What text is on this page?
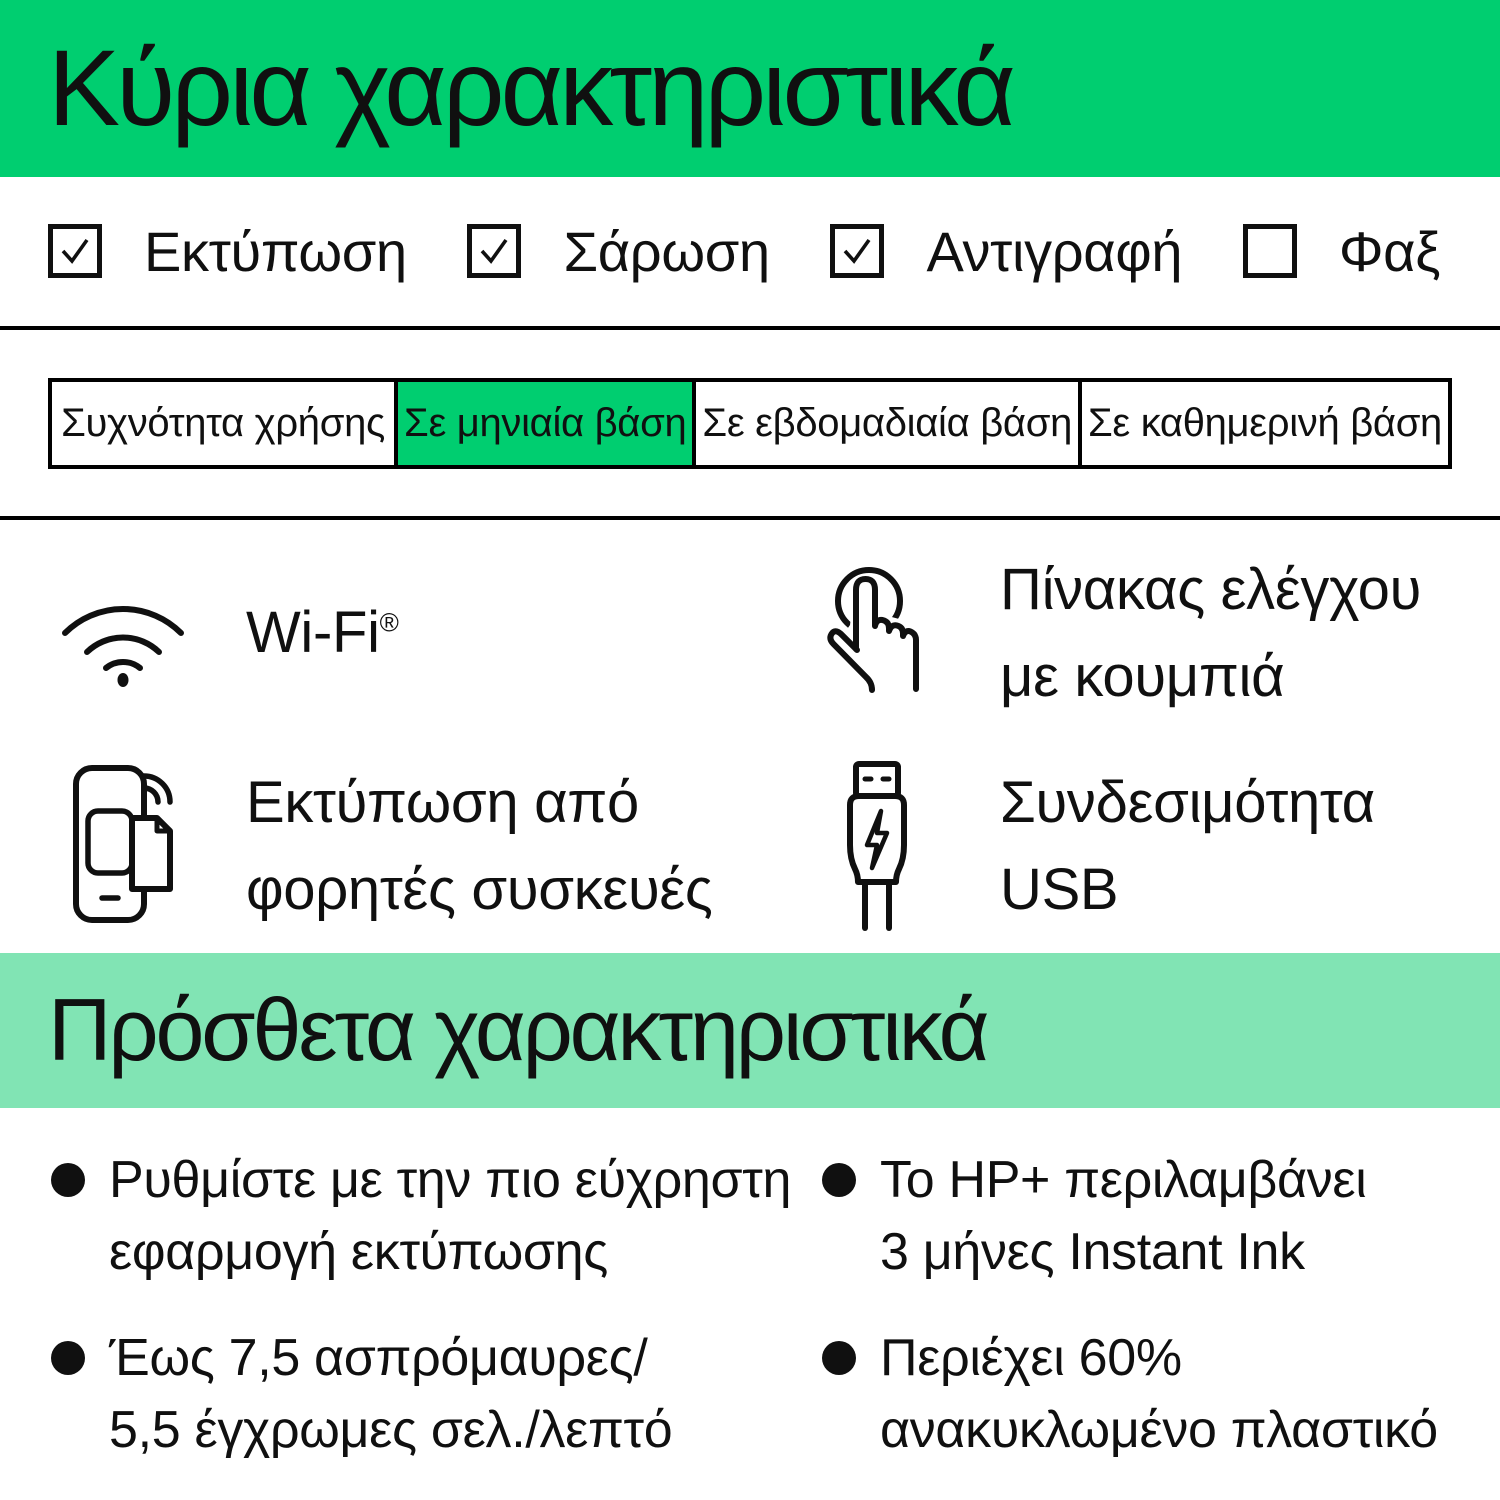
Κύρια χαρακτηριστικά
Εκτύπωση	Σάρωση	Αντιγραφή	Φαξ
Συχνότητα χρήσης Σε μηνιαία βάση Σε εβδομαδιαία βάση Σε καθημερινή βάση
Wi-Fi®
Πίνακας ελέγχου
με κουμπιά
Εκτύπωση από
φορητές συσκευές
Συνδεσιμότητα
USB
Πρόσθετα χαρακτηριστικά
Ρυθμίστε με την πιο εύχρηστη
εφαρμογή εκτύπωσης
Έως 7,5 ασπρόμαυρες/
5,5 έγχρωμες σελ./λεπτό
Το HP+ περιλαμβάνει
3 μήνες Instant Ink
Περιέχει 60%
ανακυκλωμένο πλαστικό
